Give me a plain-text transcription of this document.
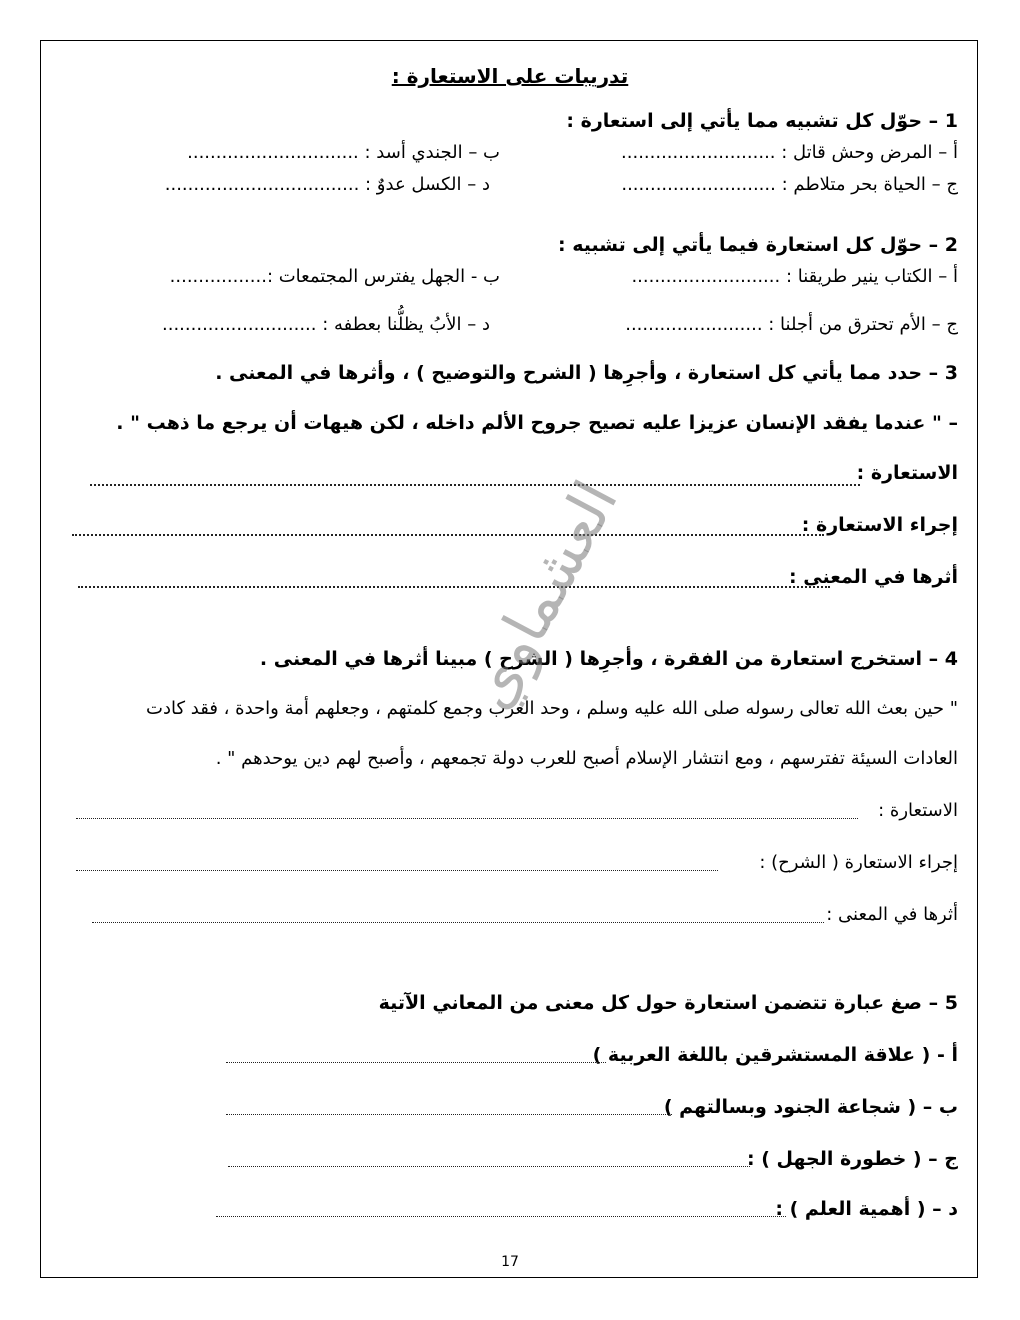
تدريبات على الاستعارة :
1 – حوّل كل تشبيه مما يأتي إلى استعارة :
أ – المرض وحش قاتل : ...........................
ب – الجندي أسد : ..............................
ج – الحياة بحر متلاطم : ...........................
د – الكسل عدوٌ : ..................................
2 – حوّل كل استعارة فيما يأتي إلى تشبيه :
أ – الكتاب ينير طريقنا : ..........................
ب - الجهل يفترس المجتمعات :.................
ج – الأم تحترق من أجلنا : ........................
د – الأبُ يظلُّنا بعطفه : ...........................
3 – حدد مما يأتي كل استعارة ، وأجرِها ( الشرح والتوضيح ) ، وأثرها في المعنى .
– " عندما يفقد الإنسان عزيزا عليه تصيح جروح الألم داخله ، لكن هيهات أن يرجع ما ذهب " .
الاستعارة :
إجراء الاستعارة :
أثرها في المعنى :
4 – استخرج استعارة من الفقرة ، وأجرِها ( الشرح ) مبينا أثرها في المعنى .
" حين بعث الله تعالى رسوله صلى الله عليه وسلم ، وحد العرب وجمع كلمتهم ، وجعلهم أمة واحدة ، فقد كادت
العادات السيئة تفترسهم ، ومع انتشار الإسلام أصبح للعرب دولة تجمعهم ، وأصبح لهم دين يوحدهم " .
الاستعارة :
إجراء الاستعارة ( الشرح) :
أثرها في المعنى :
5 – صغ عبارة تتضمن استعارة حول كل معنى من المعاني الآتية
أ - ( علاقة المستشرقين باللغة العربية )
ب – ( شجاعة الجنود وبسالتهم )
ج – ( خطورة الجهل ) :
د – ( أهمية العلم ) :
العشماوي
17
